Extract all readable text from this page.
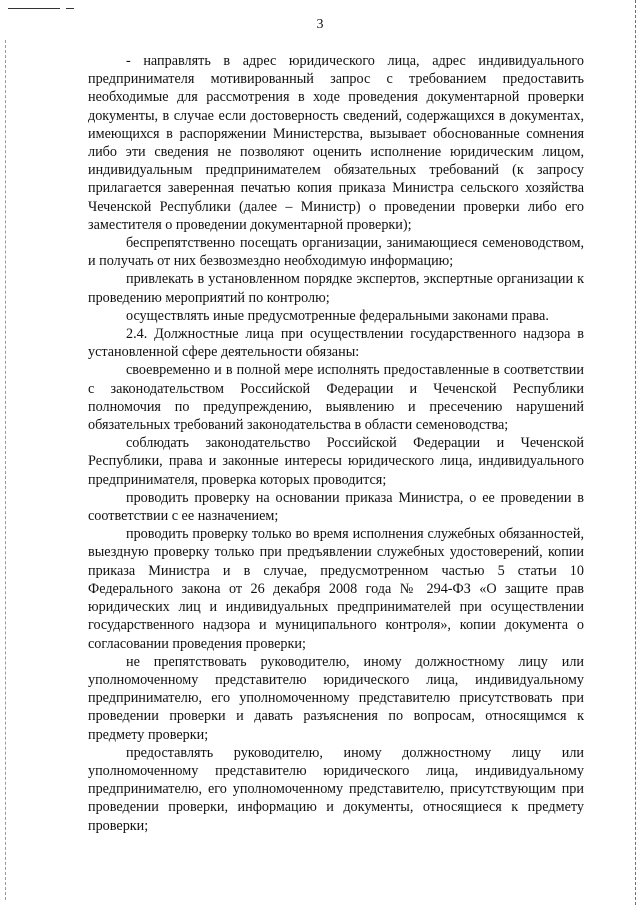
3

- направлять в адрес юридического лица, адрес индивидуального предпринимателя мотивированный запрос с требованием предоставить необходимые для рассмотрения в ходе проведения документарной проверки документы, в случае если достоверность сведений, содержащихся в документах, имеющихся в распоряжении Министерства, вызывает обоснованные сомнения либо эти сведения не позволяют оценить исполнение юридическим лицом, индивидуальным предпринимателем обязательных требований (к запросу прилагается заверенная печатью копия приказа Министра сельского хозяйства Чеченской Республики (далее – Министр) о проведении проверки либо его заместителя о проведении документарной проверки);

беспрепятственно посещать организации, занимающиеся семеноводством, и получать от них безвозмездно необходимую информацию;

привлекать в установленном порядке экспертов, экспертные организации к проведению мероприятий по контролю;

осуществлять иные предусмотренные федеральными законами права.

2.4. Должностные лица при осуществлении государственного надзора в установленной сфере деятельности обязаны:

своевременно и в полной мере исполнять предоставленные в соответствии с законодательством Российской Федерации и Чеченской Республики полномочия по предупреждению, выявлению и пресечению нарушений обязательных требований законодательства в области семеноводства;

соблюдать законодательство Российской Федерации и Чеченской Республики, права и законные интересы юридического лица, индивидуального предпринимателя, проверка которых проводится;

проводить проверку на основании приказа Министра, о ее проведении в соответствии с ее назначением;

проводить проверку только во время исполнения служебных обязанностей, выездную проверку только при предъявлении служебных удостоверений, копии приказа Министра и в случае, предусмотренном частью 5 статьи 10 Федерального закона от 26 декабря 2008 года № 294-ФЗ «О защите прав юридических лиц и индивидуальных предпринимателей при осуществлении государственного надзора и муниципального контроля», копии документа о согласовании проведения проверки;

не препятствовать руководителю, иному должностному лицу или уполномоченному представителю юридического лица, индивидуальному предпринимателю, его уполномоченному представителю присутствовать при проведении проверки и давать разъяснения по вопросам, относящимся к предмету проверки;

предоставлять руководителю, иному должностному лицу или уполномоченному представителю юридического лица, индивидуальному предпринимателю, его уполномоченному представителю, присутствующим при проведении проверки, информацию и документы, относящиеся к предмету проверки;
